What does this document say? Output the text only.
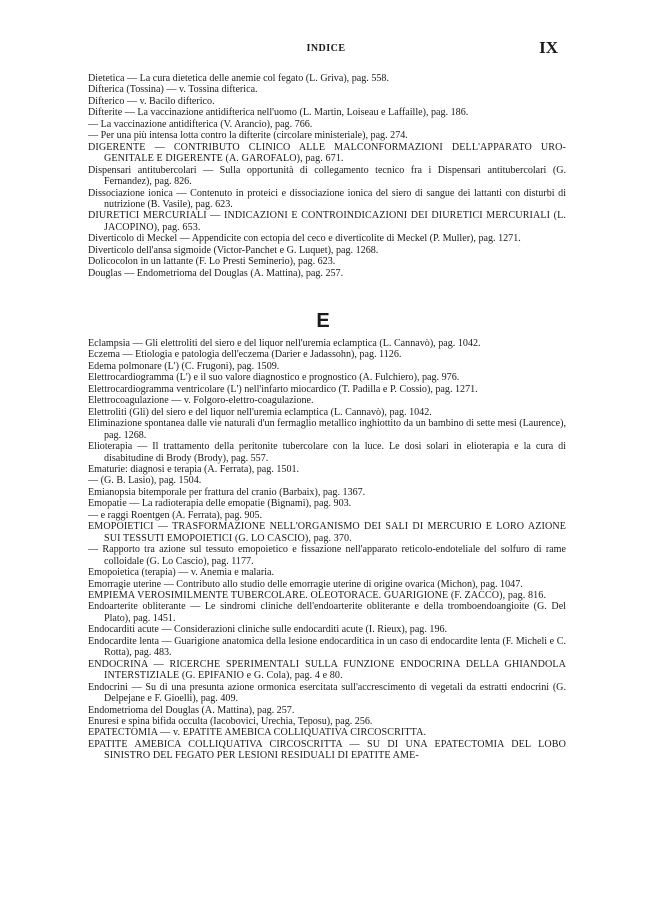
INDICE	IX

Dietetica — La cura dietetica delle anemie col fegato (L. Griva), pag. 558.

Difterica (Tossina) — v. Tossina difterica.

Difterico — v. Bacilo difterico.

Difterite — La vaccinazione antidifterica nell'uomo (L. Martin, Loiseau e Laffaille), pag. 186.

— La vaccinazione antidifterica (V. Arancio), pag. 766.

— Per una più intensa lotta contro la difterite (circolare ministeriale), pag. 274.

DIGERENTE — CONTRIBUTO CLINICO ALLE MALCONFORMAZIONI DELL'APPARATO URO-GENITALE E DIGERENTE (A. GAROFALO), pag. 671.

Dispensari antitubercolari — Sulla opportunità di collegamento tecnico fra i Dispensari antitubercolari (G. Fernandez), pag. 826.

Dissociazione ionica — Contenuto in proteici e dissociazione ionica del siero di sangue dei lattanti con disturbi di nutrizione (B. Vasile), pag. 623.

DIURETICI MERCURIALI — INDICAZIONI E CONTROINDICAZIONI DEI DIURETICI MERCURIALI (L. JACOPINO), pag. 653.

Diverticolo di Meckel — Appendicite con ectopia del ceco e diverticolite di Meckel (P. Muller), pag. 1271.

Diverticolo dell'ansa sigmoide (Victor-Panchet e G. Luquet), pag. 1268.

Dolicocolon in un lattante (F. Lo Presti Seminerio), pag. 623.

Douglas — Endometrioma del Douglas (A. Mattina), pag. 257.

E

Eclampsia — Gli elettroliti del siero e del liquor nell'uremia eclamptica (L. Cannavò), pag. 1042.

Eczema — Etiologia e patologia dell'eczema (Darier e Jadassohn), pag. 1126.

Edema polmonare (L') (C. Frugoni), pag. 1509.

Elettrocardiogramma (L') e il suo valore diagnostico e prognostico (A. Fulchiero), pag. 976.

Elettrocardiogramma ventricolare (L') nell'infarto miocardico (T. Padilla e P. Cossio), pag. 1271.

Elettrocoagulazione — v. Folgoro-elettro-coagulazione.

Elettroliti (Gli) del siero e del liquor nell'uremia eclamptica (L. Cannavò), pag. 1042.

Eliminazione spontanea dalle vie naturali d'un fermaglio metallico inghiottito da un bambino di sette mesi (Laurence), pag. 1268.

Elioterapia — Il trattamento della peritonite tubercolare con la luce. Le dosi solari in elioterapia e la cura di disabitudine di Brody (Brody), pag. 557.

Ematurie: diagnosi e terapia (A. Ferrata), pag. 1501.

— (G. B. Lasio), pag. 1504.

Emianopsia bitemporale per frattura del cranio (Barbaix), pag. 1367.

Emopatie — La radioterapia delle emopatie (Bignami), pag. 903.

— e raggi Roentgen (A. Ferrata), pag. 905.

EMOPOIETICI — TRASFORMAZIONE NELL'ORGANISMO DEI SALI DI MERCURIO E LORO AZIONE SUI TESSUTI EMOPOIETICI (G. LO CASCIO), pag. 370.

— Rapporto tra azione sul tessuto emopoietico e fissazione nell'apparato reticolo-endoteliale del solfuro di rame colloidale (G. Lo Cascio), pag. 1177.

Emopoietica (terapia) — v. Anemia e malaria.

Emorragie uterine — Contributo allo studio delle emorragie uterine di origine ovarica (Michon), pag. 1047.

EMPIEMA VEROSIMILMENTE TUBERCOLARE. OLEOTORACE. GUARIGIONE (F. ZACCO), pag. 816.

Endoarterite obliterante — Le sindromi cliniche dell'endoarterite obliterante e della tromboendoangioite (G. Del Plato), pag. 1451.

Endocarditi acute — Considerazioni cliniche sulle endocarditi acute (I. Rieux), pag. 196.

Endocardite lenta — Guarigione anatomica della lesione endocarditica in un caso di endocardite lenta (F. Micheli e C. Rotta), pag. 483.

ENDOCRINA — RICERCHE SPERIMENTALI SULLA FUNZIONE ENDOCRINA DELLA GHIANDOLA INTERSTIZIALE (G. EPIFANIO e G. Cola), pag. 4 e 80.

Endocrini — Su di una presunta azione ormonica esercitata sull'accrescimento di vegetali da estratti endocrini (G. Delpejane e F. Gioelli), pag. 409.

Endometrioma del Douglas (A. Mattina), pag. 257.

Enuresi e spina bifida occulta (Iacobovici, Urechia, Teposu), pag. 256.

EPATECTOMIA — v. EPATITE AMEBICA COLLIQUATIVA CIRCOSCRITTA.

EPATITE AMEBICA COLLIQUATIVA CIRCOSCRITTA — SU DI UNA EPATECTOMIA DEL LOBO SINISTRO DEL FEGATO PER LESIONI RESIDUALI DI EPATITE AME-
